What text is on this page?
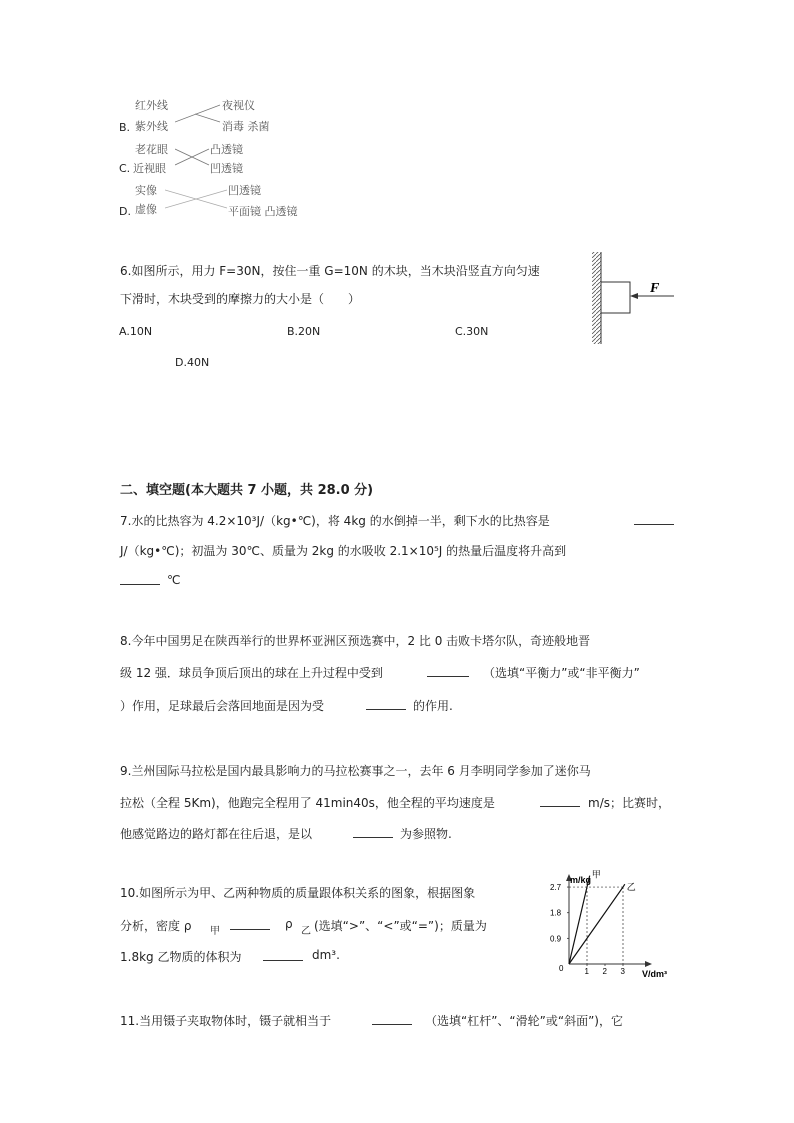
红外线
紫外线
B.
夜视仪
消毒 杀菌
老花眼
C. 近视眼
凸透镜
凹透镜
实像
D. 虚像
凹透镜
平面镜 凸透镜
6.如图所示，用力 F=30N，按住一重 G=10N 的木块，当木块沿竖直方向匀速
下滑时，木块受到的摩擦力的大小是（　　）
A.10N	B.20N	C.30N
D.40N
F
二、填空题(本大题共 7 小题，共 28.0 分)
7.水的比热容为 4.2×10³J/（kg•℃)，将 4kg 的水倒掉一半，剩下水的比热容是
J/（kg•℃)；初温为 30℃、质量为 2kg 的水吸收 2.1×10⁵J 的热量后温度将升高到
℃
8.今年中国男足在陕西举行的世界杯亚洲区预选赛中，2 比 0 击败卡塔尔队，奇迹般地晋
级 12 强．球员争顶后顶出的球在上升过程中受到	（选填“平衡力”或“非平衡力”
）作用，足球最后会落回地面是因为受	的作用.
9.兰州国际马拉松是国内最具影响力的马拉松赛事之一，去年 6 月李明同学参加了迷你马
拉松（全程 5Km)，他跑完全程用了 41min40s，他全程的平均速度是	m/s；比赛时，
他感觉路边的路灯都在往后退，是以	为参照物.
10.如图所示为甲、乙两种物质的质量跟体积关系的图象，根据图象
分析，密度 ρ 甲
ρ
乙 (选填“>”、“<”或“=”)；质量为
1.8kg 乙物质的体积为	dm³.
m/kg
V/dm³
0.9
1.8
2.7
0	1 2 3
甲
乙
11.当用镊子夹取物体时，镊子就相当于	（选填“杠杆”、“滑轮”或“斜面”)，它
